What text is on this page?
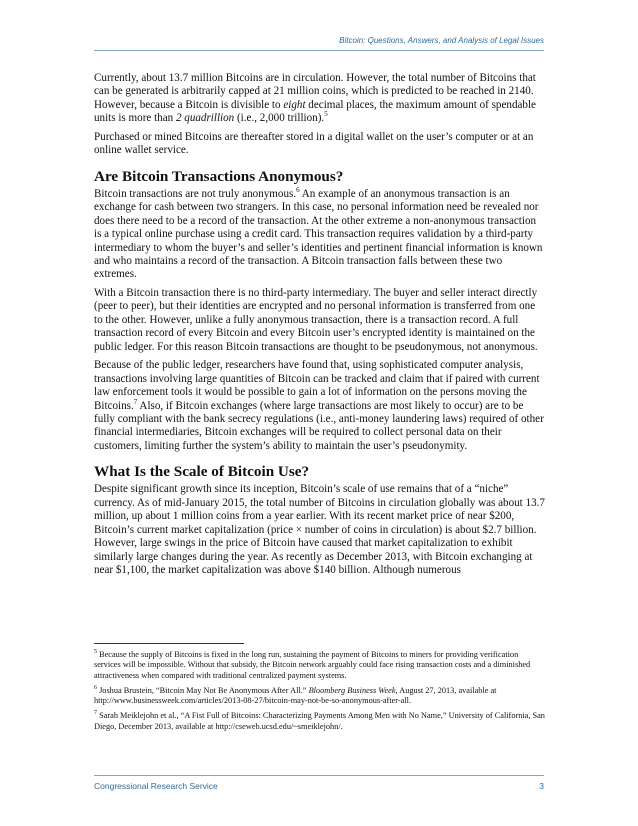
Bitcoin: Questions, Answers, and Analysis of Legal Issues

Currently, about 13.7 million Bitcoins are in circulation. However, the total number of Bitcoins that can be generated is arbitrarily capped at 21 million coins, which is predicted to be reached in 2140. However, because a Bitcoin is divisible to eight decimal places, the maximum amount of spendable units is more than 2 quadrillion (i.e., 2,000 trillion).$^5$

Purchased or mined Bitcoins are thereafter stored in a digital wallet on the user’s computer or at an online wallet service.

Are Bitcoin Transactions Anonymous?

Bitcoin transactions are not truly anonymous.$^6$ An example of an anonymous transaction is an exchange for cash between two strangers. In this case, no personal information need be revealed nor does there need to be a record of the transaction. At the other extreme a non-anonymous transaction is a typical online purchase using a credit card. This transaction requires validation by a third-party intermediary to whom the buyer’s and seller’s identities and pertinent financial information is known and who maintains a record of the transaction. A Bitcoin transaction falls between these two extremes.

With a Bitcoin transaction there is no third-party intermediary. The buyer and seller interact directly (peer to peer), but their identities are encrypted and no personal information is transferred from one to the other. However, unlike a fully anonymous transaction, there is a transaction record. A full transaction record of every Bitcoin and every Bitcoin user’s encrypted identity is maintained on the public ledger. For this reason Bitcoin transactions are thought to be pseudonymous, not anonymous.

Because of the public ledger, researchers have found that, using sophisticated computer analysis, transactions involving large quantities of Bitcoin can be tracked and claim that if paired with current law enforcement tools it would be possible to gain a lot of information on the persons moving the Bitcoins.$^7$ Also, if Bitcoin exchanges (where large transactions are most likely to occur) are to be fully compliant with the bank secrecy regulations (i.e., anti-money laundering laws) required of other financial intermediaries, Bitcoin exchanges will be required to collect personal data on their customers, limiting further the system’s ability to maintain the user’s pseudonymity.

What Is the Scale of Bitcoin Use?

Despite significant growth since its inception, Bitcoin’s scale of use remains that of a “niche” currency. As of mid-January 2015, the total number of Bitcoins in circulation globally was about 13.7 million, up about 1 million coins from a year earlier. With its recent market price of near $200, Bitcoin’s current market capitalization (price × number of coins in circulation) is about $2.7 billion. However, large swings in the price of Bitcoin have caused that market capitalization to exhibit similarly large changes during the year. As recently as December 2013, with Bitcoin exchanging at near $1,100, the market capitalization was above $140 billion. Although numerous

$^5$ Because the supply of Bitcoins is fixed in the long run, sustaining the payment of Bitcoins to miners for providing verification services will be impossible. Without that subsidy, the Bitcoin network arguably could face rising transaction costs and a diminished attractiveness when compared with traditional centralized payment systems.

$^6$ Joshua Brustein, “Bitcoin May Not Be Anonymous After All.” Bloomberg Business Week, August 27, 2013, available at http://www.businessweek.com/articles/2013-08-27/bitcoin-may-not-be-so-anonymous-after-all.

$^7$ Sarah Meiklejohn et al., “A Fist Full of Bitcoins: Characterizing Payments Among Men with No Name,” University of California, San Diego, December 2013, available at http://cseweb.ucsd.edu/~smeiklejohn/.

Congressional Research Service	3
